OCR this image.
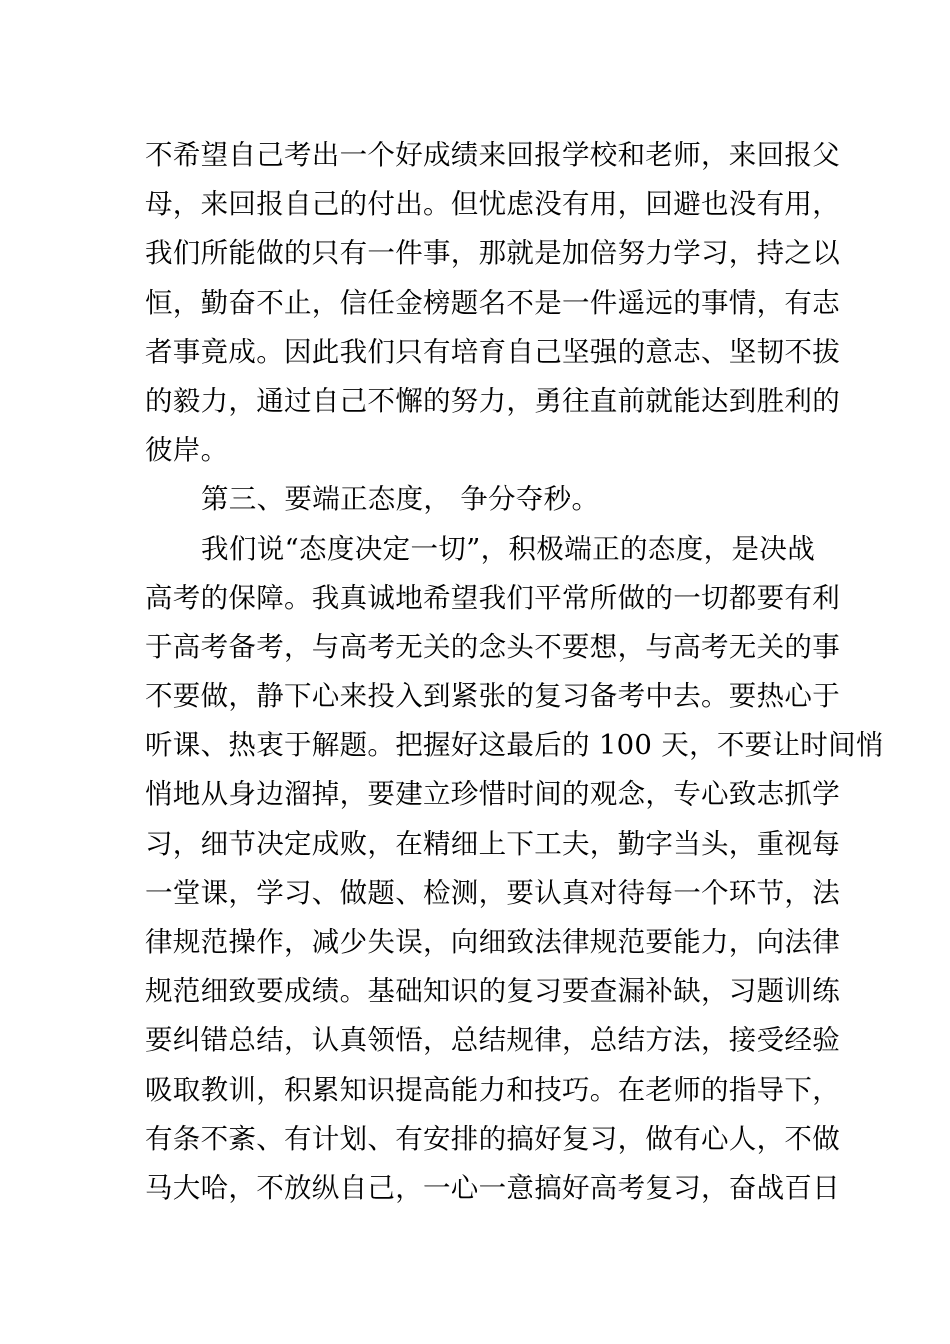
不希望自己考出一个好成绩来回报学校和老师，来回报父
母，来回报自己的付出。但忧虑没有用，回避也没有用，
我们所能做的只有一件事，那就是加倍努力学习，持之以
恒，勤奋不止，信任金榜题名不是一件遥远的事情，有志
者事竟成。因此我们只有培育自己坚强的意志、坚韧不拔
的毅力，通过自己不懈的努力，勇往直前就能达到胜利的
彼岸。
第三、要端正态度， 争分夺秒。
我们说“态度决定一切”，积极端正的态度，是决战
高考的保障。我真诚地希望我们平常所做的一切都要有利
于高考备考，与高考无关的念头不要想，与高考无关的事
不要做，静下心来投入到紧张的复习备考中去。要热心于
听课、热衷于解题。把握好这最后的 100 天，不要让时间悄
悄地从身边溜掉，要建立珍惜时间的观念，专心致志抓学
习，细节决定成败，在精细上下工夫，勤字当头，重视每
一堂课，学习、做题、检测，要认真对待每一个环节，法
律规范操作，减少失误，向细致法律规范要能力，向法律
规范细致要成绩。基础知识的复习要查漏补缺，习题训练
要纠错总结，认真领悟，总结规律，总结方法，接受经验
吸取教训，积累知识提高能力和技巧。在老师的指导下，
有条不紊、有计划、有安排的搞好复习，做有心人，不做
马大哈，不放纵自己，一心一意搞好高考复习，奋战百日
